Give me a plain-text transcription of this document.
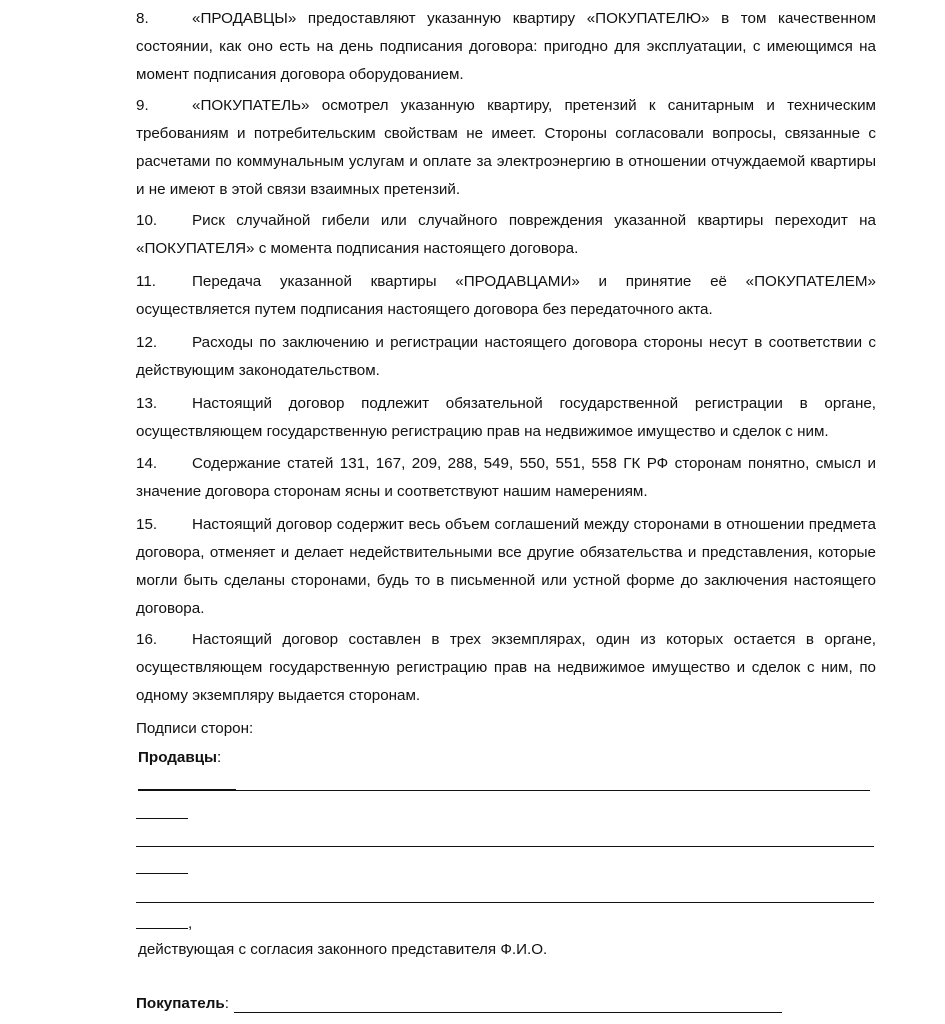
8.	«ПРОДАВЦЫ» предоставляют указанную квартиру «ПОКУПАТЕЛЮ» в том качественном состоянии, как оно есть на день подписания договора: пригодно для эксплуатации, с имеющимся на момент подписания договора оборудованием.
9.	«ПОКУПАТЕЛЬ» осмотрел указанную квартиру, претензий к санитарным и техническим требованиям и потребительским свойствам не имеет. Стороны согласовали вопросы, связанные с расчетами по коммунальным услугам и оплате за электроэнергию в отношении отчуждаемой квартиры и не имеют в этой связи взаимных претензий.
10. Риск случайной гибели или случайного повреждения указанной квартиры переходит на «ПОКУПАТЕЛЯ» с момента подписания настоящего договора.
11. Передача указанной квартиры «ПРОДАВЦАМИ» и принятие её «ПОКУПАТЕЛЕМ» осуществляется путем подписания настоящего договора без передаточного акта.
12. Расходы по заключению и регистрации настоящего договора стороны несут в соответствии с действующим законодательством.
13. Настоящий договор подлежит обязательной государственной регистрации в органе, осуществляющем государственную регистрацию прав на недвижимое имущество и сделок с ним.
14. Содержание статей 131, 167, 209, 288, 549, 550, 551, 558 ГК РФ сторонам понятно, смысл и значение договора сторонам ясны и соответствуют нашим намерениям.
15. Настоящий договор содержит весь объем соглашений между сторонами в отношении предмета договора, отменяет и делает недействительными все другие обязательства и представления, которые могли быть сделаны сторонами, будь то в письменной или устной форме до заключения настоящего договора.
16. Настоящий договор составлен в трех экземплярах, один из которых остается в органе, осуществляющем государственную регистрацию прав на недвижимое имущество и сделок с ним, по одному экземпляру выдается сторонам.
Подписи сторон:
Продавцы:
,
действующая с согласия законного представителя Ф.И.О.
Покупатель:
